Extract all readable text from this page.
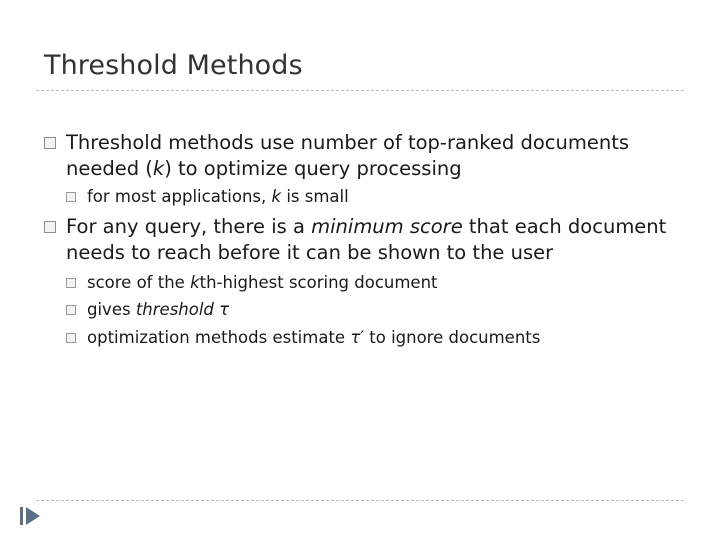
Threshold Methods
Threshold methods use number of top-ranked documents needed (k) to optimize query processing
for most applications, k is small
For any query, there is a minimum score that each document needs to reach before it can be shown to the user
score of the kth-highest scoring document
gives threshold τ
optimization methods estimate τ′ to ignore documents
